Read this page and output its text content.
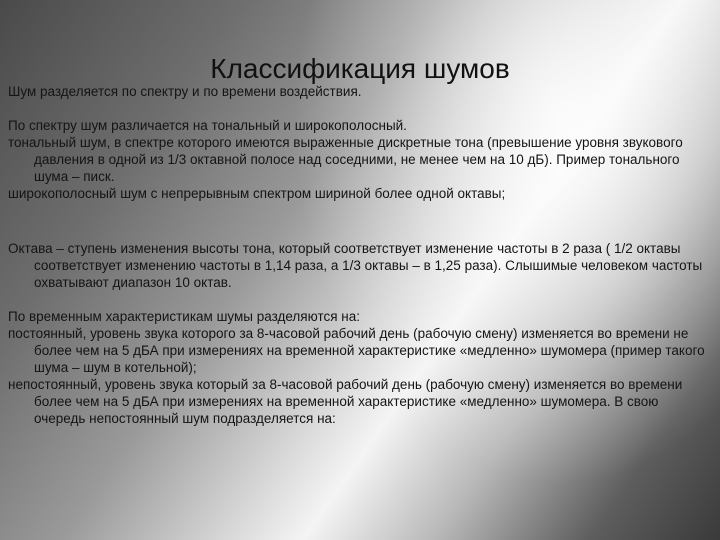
Классификация шумов

Шум разделяется по спектру и по времени воздействия.

По спектру шум различается на тональный и широкополосный.

тональный шум, в спектре которого имеются выраженные дискретные тона (превышение уровня звукового давления в одной из 1/3 октавной полосе над соседними, не менее чем на 10 дБ). Пример тонального шума – писк.

широкополосный шум с непрерывным спектром шириной более одной октавы;

Октава – ступень изменения высоты тона, который соответствует изменение частоты в 2 раза ( 1/2 октавы соответствует изменению частоты в 1,14 раза, а 1/3 октавы – в 1,25 раза). Слышимые человеком частоты охватывают диапазон 10 октав.

По временным характеристикам шумы разделяются на:

постоянный, уровень звука которого за 8-часовой рабочий день (рабочую смену) изменяется во времени не более чем на 5 дБА при измерениях на временной характеристике «медленно» шумомера (пример такого шума – шум в котельной);

непостоянный, уровень звука который за 8-часовой рабочий день (рабочую смену) изменяется во времени более чем на 5 дБА при измерениях на временной характеристике «медленно» шумомера. В свою очередь непостоянный шум подразделяется на:
